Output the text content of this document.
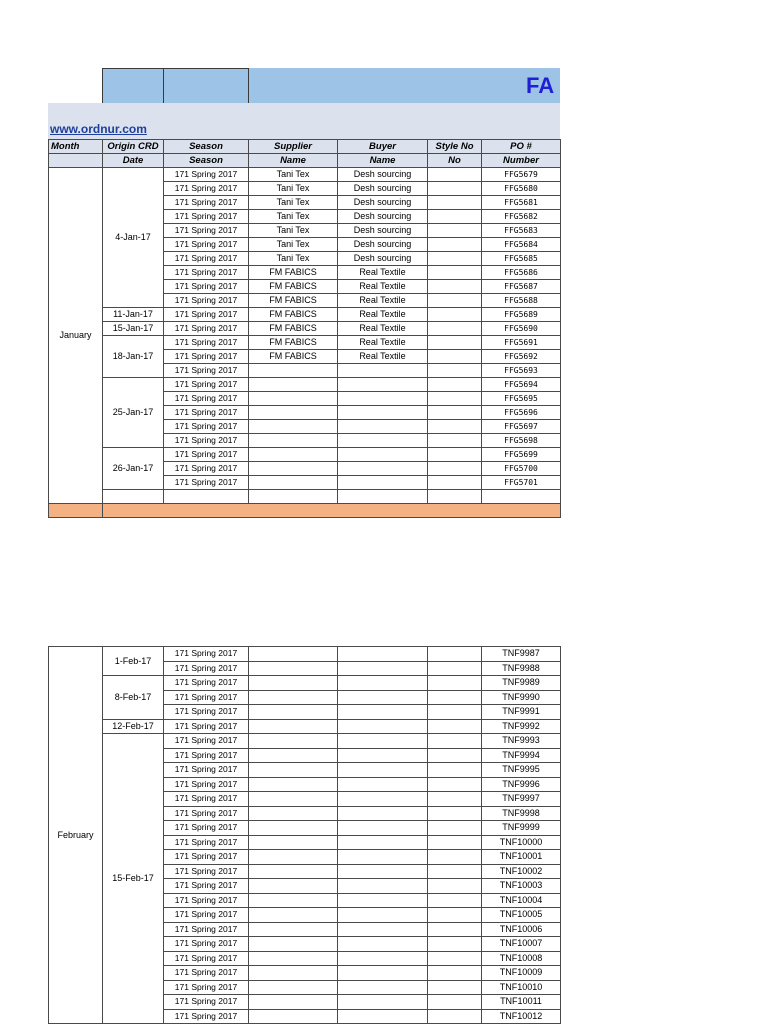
FA
www.ordnur.com
Month	Origin CRD	Season	Supplier	Buyer	Style No	PO #
	Date	Season	Name	Name	No	Number
January	4-Jan-17	171 Spring 2017	Tani Tex	Desh sourcing		FFG5679
		171 Spring 2017	Tani Tex	Desh sourcing		FFG5680
		171 Spring 2017	Tani Tex	Desh sourcing		FFG5681
		171 Spring 2017	Tani Tex	Desh sourcing		FFG5682
		171 Spring 2017	Tani Tex	Desh sourcing		FFG5683
		171 Spring 2017	Tani Tex	Desh sourcing		FFG5684
		171 Spring 2017	Tani Tex	Desh sourcing		FFG5685
		171 Spring 2017	FM FABICS	Real Textile		FFG5686
		171 Spring 2017	FM FABICS	Real Textile		FFG5687
		171 Spring 2017	FM FABICS	Real Textile		FFG5688
	11-Jan-17	171 Spring 2017	FM FABICS	Real Textile		FFG5689
	15-Jan-17	171 Spring 2017	FM FABICS	Real Textile		FFG5690
	18-Jan-17	171 Spring 2017	FM FABICS	Real Textile		FFG5691
		171 Spring 2017	FM FABICS	Real Textile		FFG5692
		171 Spring 2017				FFG5693
	25-Jan-17	171 Spring 2017				FFG5694
		171 Spring 2017				FFG5695
		171 Spring 2017				FFG5696
		171 Spring 2017				FFG5697
		171 Spring 2017				FFG5698
	26-Jan-17	171 Spring 2017				FFG5699
		171 Spring 2017				FFG5700
		171 Spring 2017				FFG5701

February	1-Feb-17	171 Spring 2017				TNF9987
		171 Spring 2017				TNF9988
	8-Feb-17	171 Spring 2017				TNF9989
		171 Spring 2017				TNF9990
		171 Spring 2017				TNF9991
	12-Feb-17	171 Spring 2017				TNF9992
	15-Feb-17	171 Spring 2017				TNF9993
		171 Spring 2017				TNF9994
		171 Spring 2017				TNF9995
		171 Spring 2017				TNF9996
		171 Spring 2017				TNF9997
		171 Spring 2017				TNF9998
		171 Spring 2017				TNF9999
		171 Spring 2017				TNF10000
		171 Spring 2017				TNF10001
		171 Spring 2017				TNF10002
		171 Spring 2017				TNF10003
		171 Spring 2017				TNF10004
		171 Spring 2017				TNF10005
		171 Spring 2017				TNF10006
		171 Spring 2017				TNF10007
		171 Spring 2017				TNF10008
		171 Spring 2017				TNF10009
		171 Spring 2017				TNF10010
		171 Spring 2017				TNF10011
		171 Spring 2017				TNF10012
